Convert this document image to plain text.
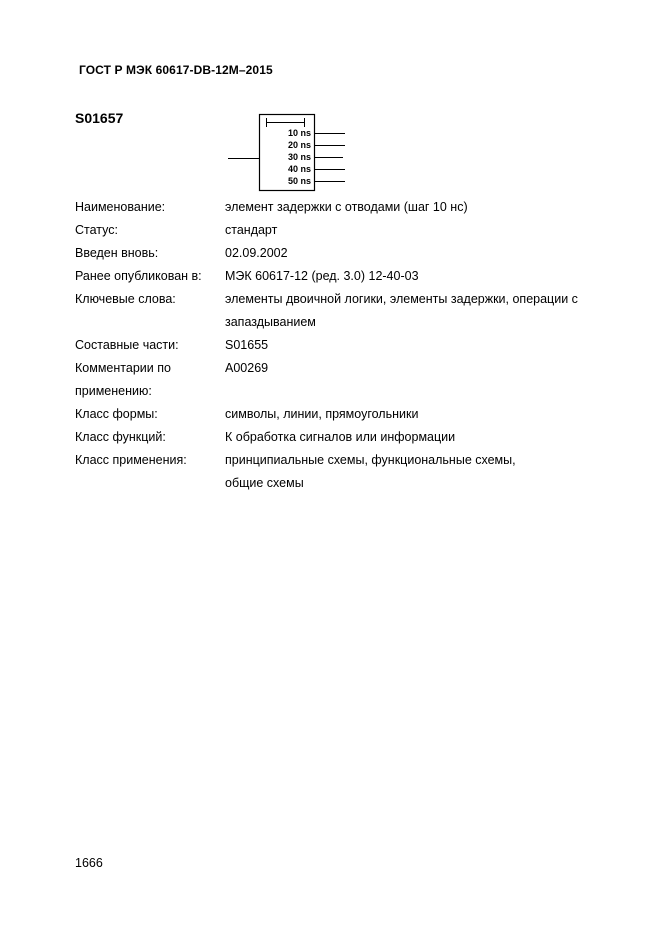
ГОСТ Р МЭК 60617-DB-12M–2015
S01657
10 ns
20 ns
30 ns
40 ns
50 ns
Наименование:	элемент задержки с отводами (шаг 10 нс)
Статус:	стандарт
Введен вновь:	02.09.2002
Ранее опубликован в:	МЭК 60617-12 (ред. 3.0) 12-40-03
Ключевые слова:	элементы двоичной логики, элементы задержки, операции с запаздыванием
Составные части:	S01655
Комментарии по применению:
A00269
Класс формы:	символы, линии, прямоугольники
Класс функций:	К обработка сигналов или информации
Класс применения:	принципиальные схемы, функциональные схемы, общие схемы
1666
